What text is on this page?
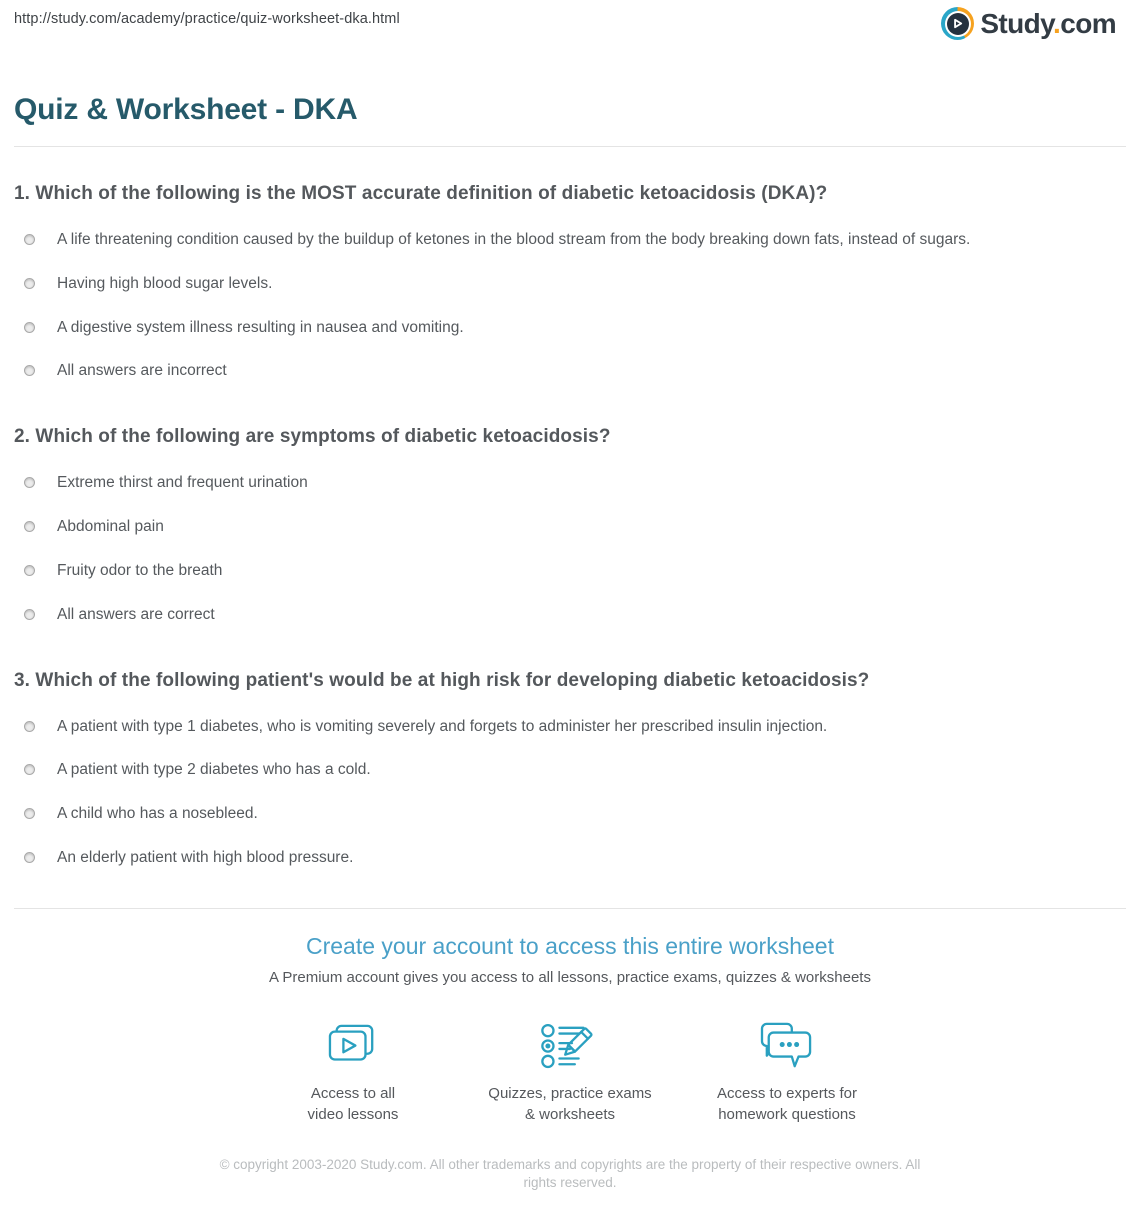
http://study.com/academy/practice/quiz-worksheet-dka.html	Study.com
Quiz & Worksheet - DKA
1. Which of the following is the MOST accurate definition of diabetic ketoacidosis (DKA)?
A life threatening condition caused by the buildup of ketones in the blood stream from the body breaking down fats, instead of sugars.
Having high blood sugar levels.
A digestive system illness resulting in nausea and vomiting.
All answers are incorrect
2. Which of the following are symptoms of diabetic ketoacidosis?
Extreme thirst and frequent urination
Abdominal pain
Fruity odor to the breath
All answers are correct
3. Which of the following patient's would be at high risk for developing diabetic ketoacidosis?
A patient with type 1 diabetes, who is vomiting severely and forgets to administer her prescribed insulin injection.
A patient with type 2 diabetes who has a cold.
A child who has a nosebleed.
An elderly patient with high blood pressure.
Create your account to access this entire worksheet
A Premium account gives you access to all lessons, practice exams, quizzes & worksheets
Access to all
video lessons
Quizzes, practice exams
& worksheets
Access to experts for
homework questions
© copyright 2003-2020 Study.com. All other trademarks and copyrights are the property of their respective owners. All rights reserved.
